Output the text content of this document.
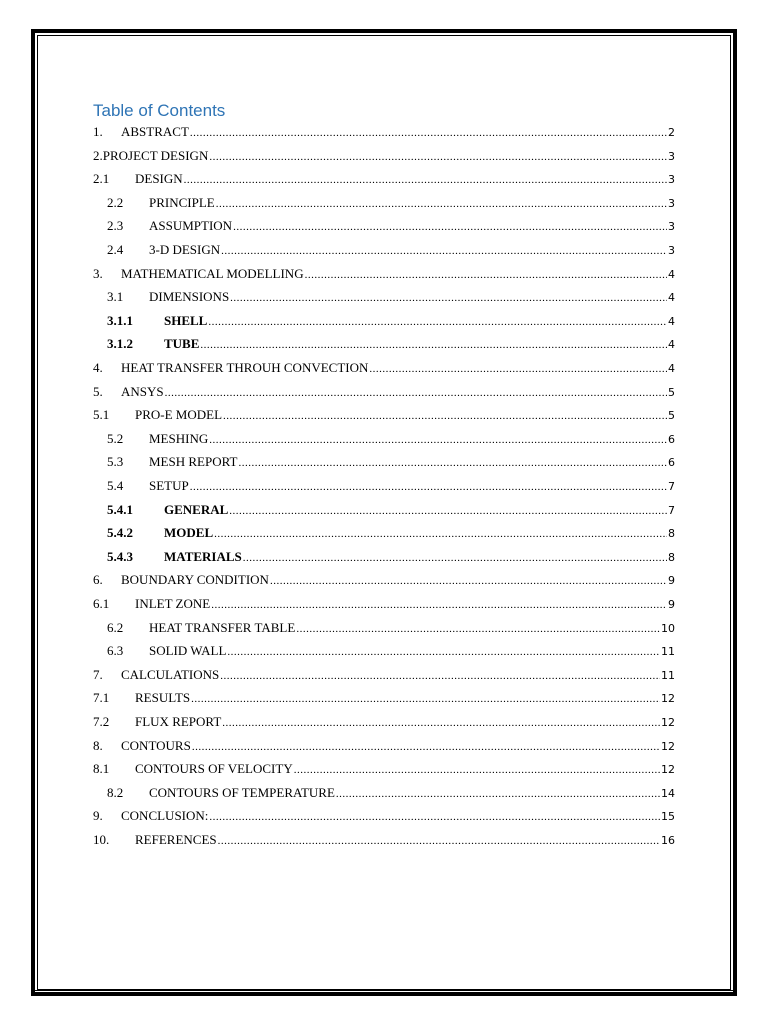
Table of Contents
1.	ABSTRACT .....	2
2.PROJECT DESIGN .....	3
2.1	DESIGN .....	3
2.2	PRINCIPLE .....	3
2.3	ASSUMPTION .....	3
2.4	3-D DESIGN .....	3
3.	MATHEMATICAL MODELLING .....	4
3.1	DIMENSIONS .....	4
3.1.1	SHELL .....	4
3.1.2	TUBE .....	4
4.	HEAT TRANSFER THROUH CONVECTION .....	4
5.	ANSYS .....	5
5.1	PRO-E MODEL .....	5
5.2	MESHING .....	6
5.3	MESH REPORT .....	6
5.4	SETUP .....	7
5.4.1	GENERAL .....	7
5.4.2	MODEL .....	8
5.4.3	MATERIALS .....	8
6.	BOUNDARY CONDITION .....	9
6.1	INLET ZONE .....	9
6.2	HEAT TRANSFER TABLE .....	10
6.3	SOLID WALL .....	11
7.	CALCULATIONS .....	11
7.1	RESULTS .....	12
7.2	FLUX REPORT .....	12
8.	CONTOURS .....	12
8.1	CONTOURS OF VELOCITY .....	12
8.2	CONTOURS OF TEMPERATURE .....	14
9.	CONCLUSION: .....	15
10.	REFERENCES .....	16
